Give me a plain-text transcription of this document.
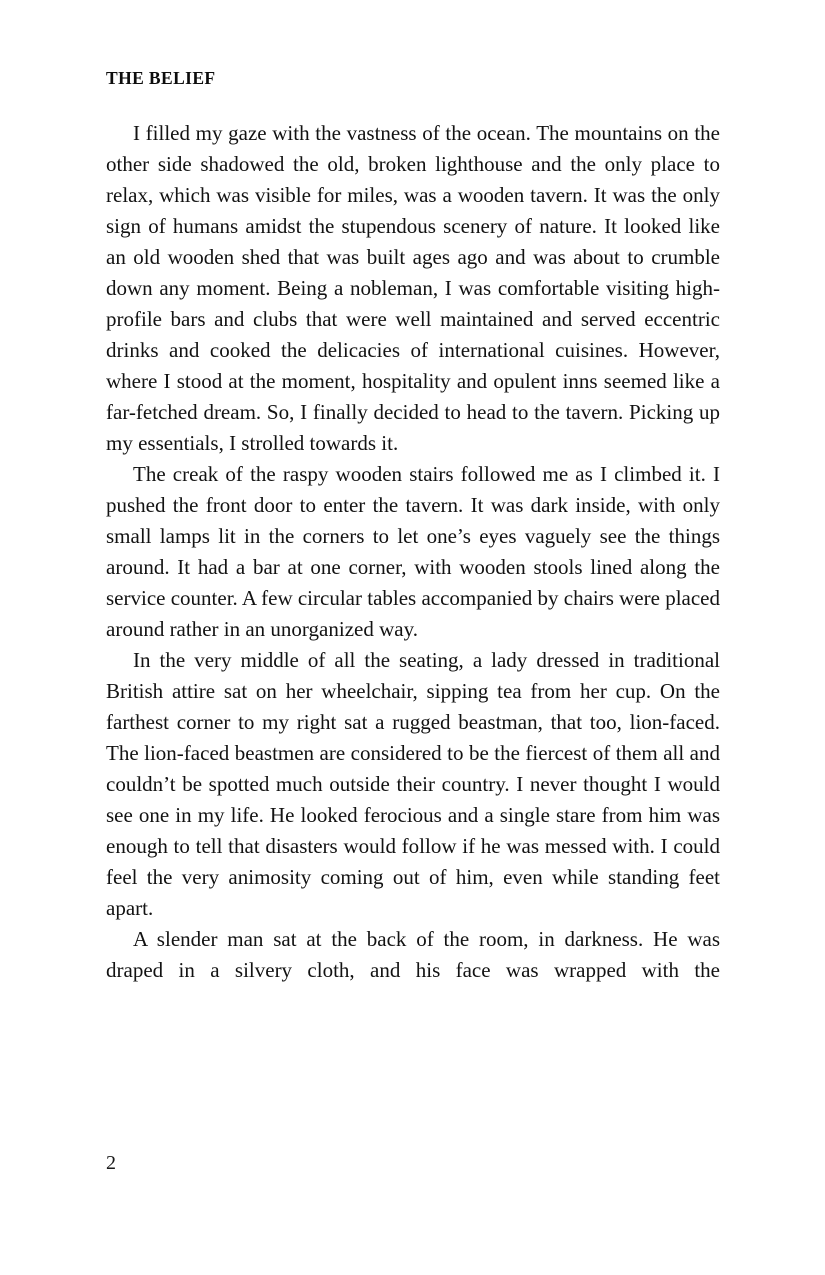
THE BELIEF

I filled my gaze with the vastness of the ocean. The mountains on the other side shadowed the old, broken lighthouse and the only place to relax, which was visible for miles, was a wooden tavern. It was the only sign of humans amidst the stupendous scenery of nature. It looked like an old wooden shed that was built ages ago and was about to crumble down any moment. Being a nobleman, I was comfortable visiting high-profile bars and clubs that were well maintained and served eccentric drinks and cooked the delicacies of international cuisines. However, where I stood at the moment, hospitality and opulent inns seemed like a far-fetched dream. So, I finally decided to head to the tavern. Picking up my essentials, I strolled towards it.

The creak of the raspy wooden stairs followed me as I climbed it. I pushed the front door to enter the tavern. It was dark inside, with only small lamps lit in the corners to let one’s eyes vaguely see the things around. It had a bar at one corner, with wooden stools lined along the service counter. A few circular tables accompanied by chairs were placed around rather in an unorganized way.

In the very middle of all the seating, a lady dressed in traditional British attire sat on her wheelchair, sipping tea from her cup. On the farthest corner to my right sat a rugged beastman, that too, lion-faced. The lion-faced beastmen are considered to be the fiercest of them all and couldn’t be spotted much outside their country. I never thought I would see one in my life. He looked ferocious and a single stare from him was enough to tell that disasters would follow if he was messed with. I could feel the very animosity coming out of him, even while standing feet apart.

A slender man sat at the back of the room, in darkness. He was draped in a silvery cloth, and his face was wrapped with the

2
